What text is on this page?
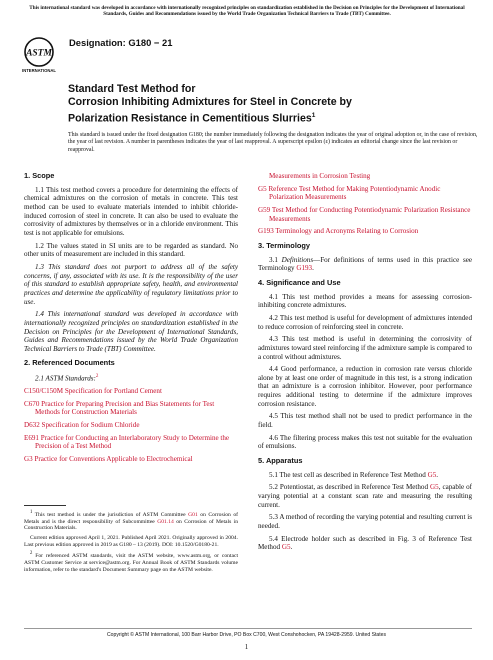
This international standard was developed in accordance with internationally recognized principles on standardization established in the Decision on Principles for the Development of International Standards, Guides and Recommendations issued by the World Trade Organization Technical Barriers to Trade (TBT) Committee.

ASTM
INTERNATIONAL

Designation: G180 − 21

Standard Test Method for
Corrosion Inhibiting Admixtures for Steel in Concrete by
Polarization Resistance in Cementitious Slurries$^1$

This standard is issued under the fixed designation G180; the number immediately following the designation indicates the year of original adoption or, in the case of revision, the year of last revision. A number in parentheses indicates the year of last reapproval. A superscript epsilon (ε) indicates an editorial change since the last revision or reapproval.

1. Scope

1.1 This test method covers a procedure for determining the effects of chemical admixtures on the corrosion of metals in concrete. This test method can be used to evaluate materials intended to inhibit chloride-induced corrosion of steel in concrete. It can also be used to evaluate the corrosivity of admixtures by themselves or in a chloride environment. This test is not applicable for emulsions.

1.2 The values stated in SI units are to be regarded as standard. No other units of measurement are included in this standard.

1.3 This standard does not purport to address all of the safety concerns, if any, associated with its use. It is the responsibility of the user of this standard to establish appropriate safety, health, and environmental practices and determine the applicability of regulatory limitations prior to use.

1.4 This international standard was developed in accordance with internationally recognized principles on standardization established in the Decision on Principles for the Development of International Standards, Guides and Recommendations issued by the World Trade Organization Technical Barriers to Trade (TBT) Committee.

2. Referenced Documents

2.1 ASTM Standards:$^2$

C150/C150M Specification for Portland Cement

C670 Practice for Preparing Precision and Bias Statements for Test Methods for Construction Materials

D632 Specification for Sodium Chloride

E691 Practice for Conducting an Interlaboratory Study to Determine the Precision of a Test Method

G3 Practice for Conventions Applicable to Electrochemical

Measurements in Corrosion Testing

G5 Reference Test Method for Making Potentiodynamic Anodic Polarization Measurements

G59 Test Method for Conducting Potentiodynamic Polarization Resistance Measurements

G193 Terminology and Acronyms Relating to Corrosion

3. Terminology

3.1 Definitions—For definitions of terms used in this practice see Terminology G193.

4. Significance and Use

4.1 This test method provides a means for assessing corrosion-inhibiting concrete admixtures.

4.2 This test method is useful for development of admixtures intended to reduce corrosion of reinforcing steel in concrete.

4.3 This test method is useful in determining the corrosivity of admixtures toward steel reinforcing if the admixture sample is compared to a control without admixtures.

4.4 Good performance, a reduction in corrosion rate versus chloride alone by at least one order of magnitude in this test, is a strong indication that an admixture is a corrosion inhibitor. However, poor performance requires additional testing to determine if the admixture improves corrosion resistance.

4.5 This test method shall not be used to predict performance in the field.

4.6 The filtering process makes this test not suitable for the evaluation of emulsions.

5. Apparatus

5.1 The test cell as described in Reference Test Method G5.

5.2 Potentiostat, as described in Reference Test Method G5, capable of varying potential at a constant scan rate and measuring the resulting current.

5.3 A method of recording the varying potential and resulting current is needed.

5.4 Electrode holder such as described in Fig. 3 of Reference Test Method G5.

$^1$ This test method is under the jurisdiction of ASTM Committee G01 on Corrosion of Metals and is the direct responsibility of Subcommittee G01.14 on Corrosion of Metals in Construction Materials.

Current edition approved April 1, 2021. Published April 2021. Originally approved in 2004. Last previous edition approved in 2019 as G180 – 13 (2019). DOI: 10.1520/G0180-21.

$^2$ For referenced ASTM standards, visit the ASTM website, www.astm.org, or contact ASTM Customer Service at service@astm.org. For Annual Book of ASTM Standards volume information, refer to the standard's Document Summary page on the ASTM website.

Copyright © ASTM International, 100 Barr Harbor Drive, PO Box C700, West Conshohocken, PA 19428-2959. United States
1
